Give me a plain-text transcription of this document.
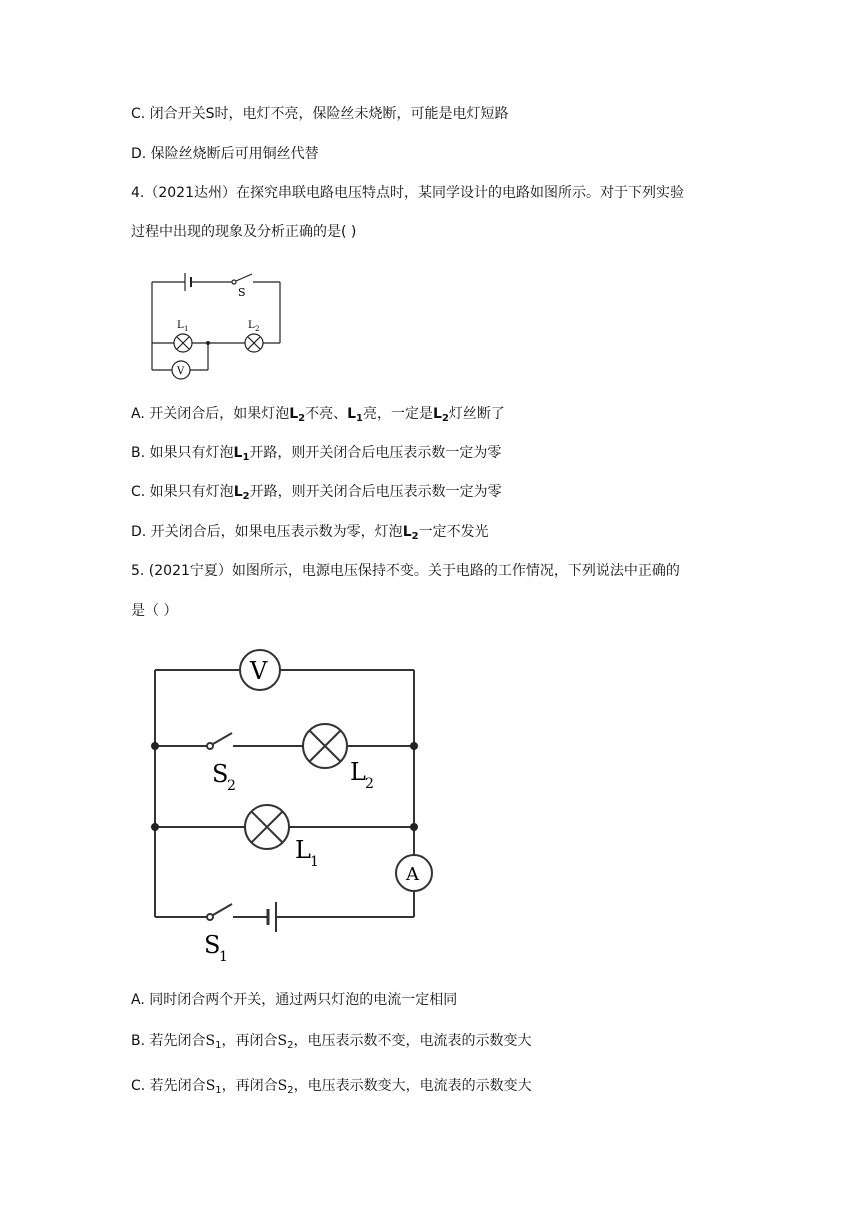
C. 闭合开关S时，电灯不亮，保险丝未烧断，可能是电灯短路
D. 保险丝烧断后可用铜丝代替
4.（2021达州）在探究串联电路电压特点时，某同学设计的电路如图所示。对于下列实验
过程中出现的现象及分析正确的是( )
S
L 1	L 2
V
A. 开关闭合后，如果灯泡$L_2$不亮、$L_1$亮，一定是$L_2$灯丝断了
B. 如果只有灯泡$L_1$开路，则开关闭合后电压表示数一定为零
C. 如果只有灯泡$L_2$开路，则开关闭合后电压表示数一定为零
D. 开关闭合后，如果电压表示数为零，灯泡$L_2$一定不发光
5. (2021宁夏）如图所示，电源电压保持不变。关于电路的工作情况，下列说法中正确的
是（ ）
V
A
S
2	L 2
L 1
S
1
A. 同时闭合两个开关，通过两只灯泡的电流一定相同
B. 若先闭合$S_1$，再闭合$S_2$，电压表示数不变，电流表的示数变大
C. 若先闭合$S_1$，再闭合$S_2$，电压表示数变大，电流表的示数变大
